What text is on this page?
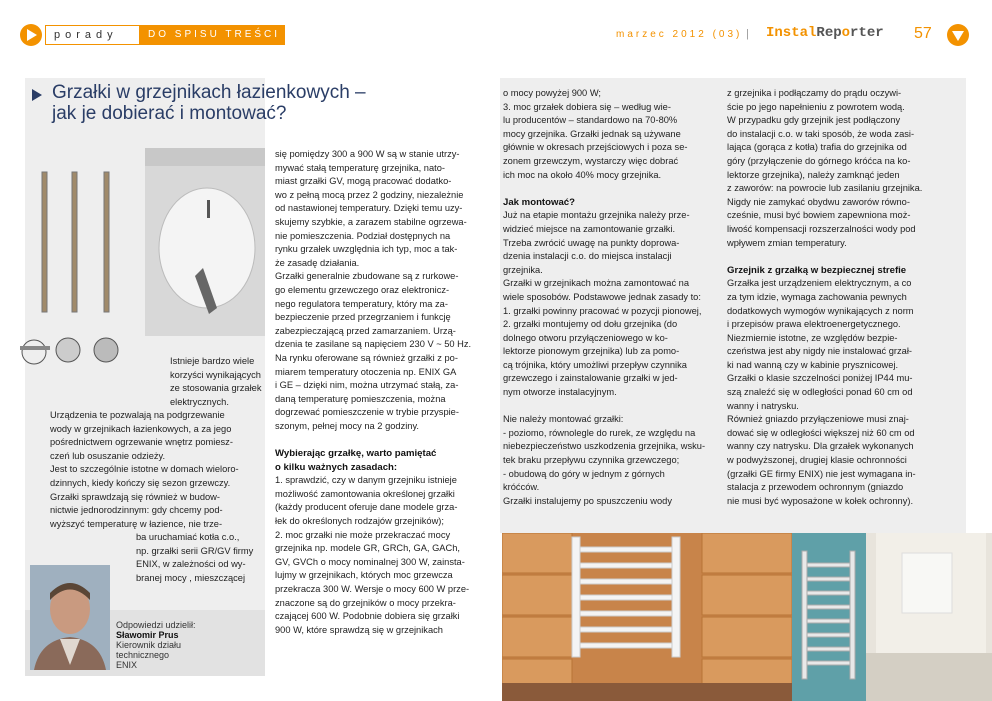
porady	DO SPISU TREŚCI	marzec 2012 (03) | InstalReporter 57
Grzałki w grzejnikach łazienkowych –
jak je dobierać i montować?

Istnieje bardzo wiele

korzyści wynikających

ze stosowania grzałek

elektrycznych.

Urządzenia te pozwalają na podgrzewanie

wody w grzejnikach łazienkowych, a za jego

pośrednictwem ogrzewanie wnętrz pomiesz-

czeń lub osuszanie odzieży.

Jest to szczególnie istotne w domach wieloro-

dzinnych, kiedy kończy się sezon grzewczy.

Grzałki sprawdzają się również w budow-

nictwie jednorodzinnym: gdy chcemy pod-

wyższyć temperaturę w łazience, nie trze-

ba uruchamiać kotła c.o.,

np. grzałki serii GR/GV firmy

ENIX, w zależności od wy-

branej mocy , mieszczącej

Odpowiedzi udzielił:
Sławomir Prus
Kierownik działu
technicznego
ENIX

się pomiędzy 300 a 900 W są w stanie utrzy-

mywać stałą temperaturę grzejnika, nato-

miast grzałki GV, mogą pracować dodatko-

wo z pełną mocą przez 2 godziny, niezależnie

od nastawionej temperatury. Dzięki temu uzy-

skujemy szybkie, a zarazem stabilne ogrzewa-

nie pomieszczenia. Podział dostępnych na

rynku grzałek uwzględnia ich typ, moc a tak-

że zasadę działania.

Grzałki generalnie zbudowane są z rurkowe-

go elementu grzewczego oraz elektronicz-

nego regulatora temperatury, który ma za-

bezpieczenie przed przegrzaniem i funkcję

zabezpieczającą przed zamarzaniem. Urzą-

dzenia te zasilane są napięciem 230 V ~ 50 Hz.

Na rynku oferowane są również grzałki z po-

miarem temperatury otoczenia np. ENIX GA

i GE – dzięki nim, można utrzymać stałą, za-

daną temperaturę pomieszczenia, można

dogrzewać pomieszczenie w trybie przyspie-

szonym, pełnej mocy na 2 godziny.

Wybierając grzałkę, warto pamiętać
o kilku ważnych zasadach:

1. sprawdzić, czy w danym grzejniku istnieje

możliwość zamontowania określonej grzałki

(każdy producent oferuje dane modele grza-

łek do określonych rodzajów grzejników);

2. moc grzałki nie może przekraczać mocy

grzejnika np. modele GR, GRCh, GA, GACh,

GV, GVCh o mocy nominalnej 300 W, zainsta-

lujmy w grzejnikach, których moc grzewcza

przekracza 300 W. Wersje o mocy 600 W prze-

znaczone są do grzejników o mocy przekra-

czającej 600 W. Podobnie dobiera się grzałki

900 W, które sprawdzą się w grzejnikach

o mocy powyżej 900 W;

3. moc grzałek dobiera się – według wie-

lu producentów – standardowo na 70-80%

mocy grzejnika. Grzałki jednak są używane

głównie w okresach przejściowych i poza se-

zonem grzewczym, wystarczy więc dobrać

ich moc na około 40% mocy grzejnika.

Jak montować?

Już na etapie montażu grzejnika należy prze-

widzieć miejsce na zamontowanie grzałki.

Trzeba zwrócić uwagę na punkty doprowa-

dzenia instalacji c.o. do miejsca instalacji

grzejnika.

Grzałki w grzejnikach można zamontować na

wiele sposobów. Podstawowe jednak zasady to:

1. grzałki powinny pracować w pozycji pionowej,

2. grzałki montujemy od dołu grzejnika (do

dolnego otworu przyłączeniowego w ko-

lektorze pionowym grzejnika) lub za pomo-

cą trójnika, który umożliwi przepływ czynnika

grzewczego i zainstalowanie grzałki w jed-

nym otworze instalacyjnym.

Nie należy montować grzałki:

- poziomo, równolegle do rurek, ze względu na

niebezpieczeństwo uszkodzenia grzejnika, wsku-

tek braku przepływu czynnika grzewczego;

- obudową do góry w jednym z górnych

króćców.

Grzałki instalujemy po spuszczeniu wody

z grzejnika i podłączamy do prądu oczywi-

ście po jego napełnieniu z powrotem wodą.

W przypadku gdy grzejnik jest podłączony

do instalacji c.o. w taki sposób, że woda zasi-

lająca (gorąca z kotła) trafia do grzejnika od

góry (przyłączenie do górnego króćca na ko-

lektorze grzejnika), należy zamknąć jeden

z zaworów: na powrocie lub zasilaniu grzejnika.

Nigdy nie zamykać obydwu zaworów równo-

cześnie, musi być bowiem zapewniona moż-

liwość kompensacji rozszerzalności wody pod

wpływem zmian temperatury.

Grzejnik z grzałką w bezpiecznej strefie

Grzałka jest urządzeniem elektrycznym, a co

za tym idzie, wymaga zachowania pewnych

dodatkowych wymogów wynikających z norm

i przepisów prawa elektroenergetycznego.

Niezmiernie istotne, ze względów bezpie-

czeństwa jest aby nigdy nie instalować grzał-

ki nad wanną czy w kabinie prysznicowej.

Grzałki o klasie szczelności poniżej IP44 mu-

szą znaleźć się w odległości ponad 60 cm od

wanny i natrysku.

Również gniazdo przyłączeniowe musi znaj-

dować się w odległości większej niż 60 cm od

wanny czy natrysku. Dla grzałek wykonanych

w podwyższonej, drugiej klasie ochronności

(grzałki GE firmy ENIX) nie jest wymagana in-

stalacja z przewodem ochronnym (gniazdo

nie musi być wyposażone w kołek ochronny).
